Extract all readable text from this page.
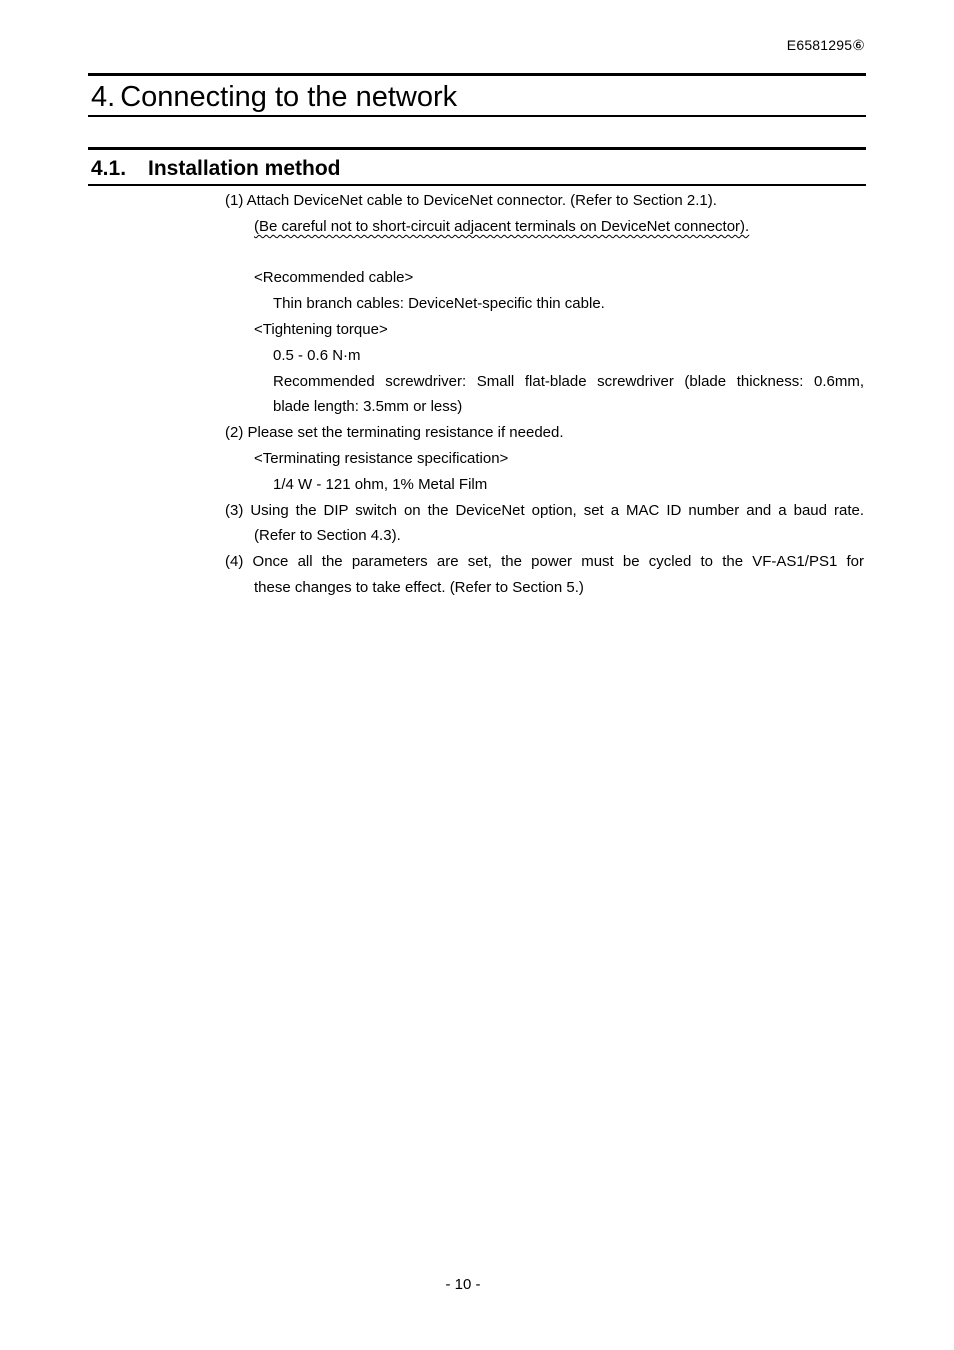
E6581295⑥
4. Connecting to the network
4.1. Installation method
(1) Attach DeviceNet cable to DeviceNet connector. (Refer to Section 2.1).
(Be careful not to short-circuit adjacent terminals on DeviceNet connector).
<Recommended cable>
Thin branch cables: DeviceNet-specific thin cable.
<Tightening torque>
0.5 - 0.6 N·m
Recommended screwdriver: Small flat-blade screwdriver (blade thickness: 0.6mm,
blade length: 3.5mm or less)
(2) Please set the terminating resistance if needed.
<Terminating resistance specification>
1/4 W - 121 ohm, 1% Metal Film
(3) Using the DIP switch on the DeviceNet option, set a MAC ID number and a baud rate.
(Refer to Section 4.3).
(4) Once all the parameters are set, the power must be cycled to the VF-AS1/PS1 for
these changes to take effect. (Refer to Section 5.)
- 10 -
